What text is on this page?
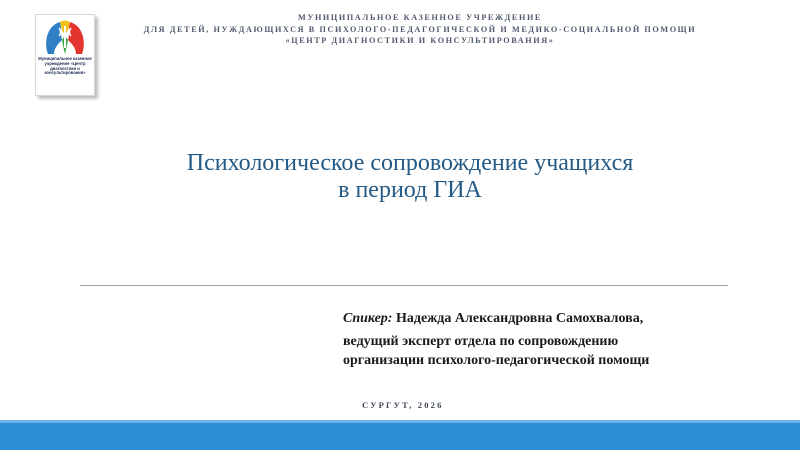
Муниципальное казенное учреждение «Центр диагностики и консультирования»
МУНИЦИПАЛЬНОЕ КАЗЕННОЕ УЧРЕЖДЕНИЕ
ДЛЯ ДЕТЕЙ, НУЖДАЮЩИХСЯ В ПСИХОЛОГО-ПЕДАГОГИЧЕСКОЙ И МЕДИКО-СОЦИАЛЬНОЙ ПОМОЩИ
«ЦЕНТР ДИАГНОСТИКИ И КОНСУЛЬТИРОВАНИЯ»
Психологическое сопровождение учащихся
в период ГИА
Спикер: Надежда Александровна Самохвалова,
ведущий эксперт отдела по сопровождению
организации психолого-педагогической помощи
СУРГУТ, 2026
